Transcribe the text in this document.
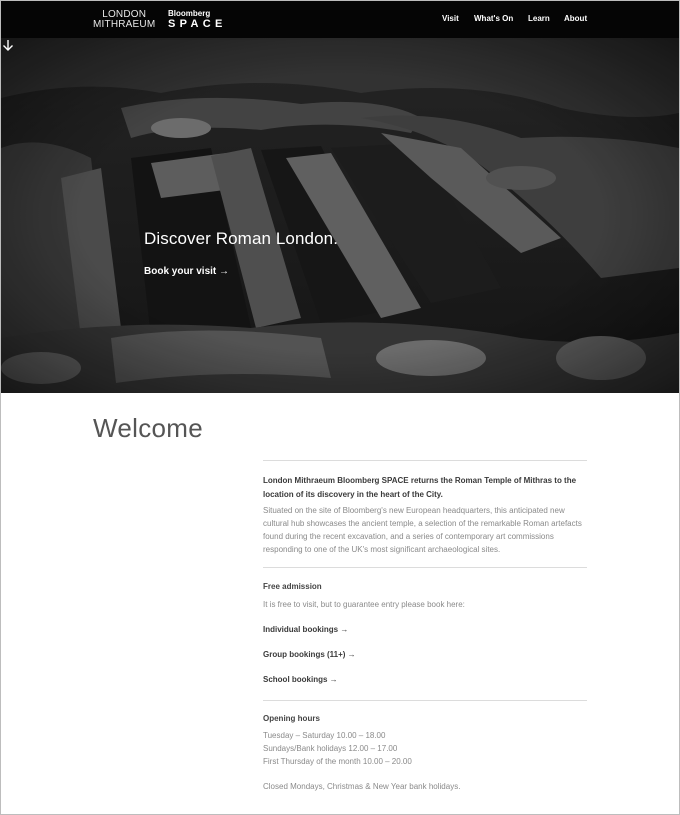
LONDON
MITHRAEUM
Bloomberg
SPACE	Visit What's On Learn About
Discover Roman London.
Book your visit →
Welcome
London Mithraeum Bloomberg SPACE returns the Roman Temple of Mithras to the location of its discovery in the heart of the City.
Situated on the site of Bloomberg's new European headquarters, this anticipated new cultural hub showcases the ancient temple, a selection of the remarkable Roman artefacts found during the recent excavation, and a series of contemporary art commissions responding to one of the UK's most significant archaeological sites.
Free admission
It is free to visit, but to guarantee entry please book here:
Individual bookings →
Group bookings (11+) →
School bookings →
Opening hours
Tuesday – Saturday 10.00 – 18.00
Sundays/Bank holidays 12.00 – 17.00
First Thursday of the month 10.00 – 20.00
Closed Mondays, Christmas & New Year bank holidays.
